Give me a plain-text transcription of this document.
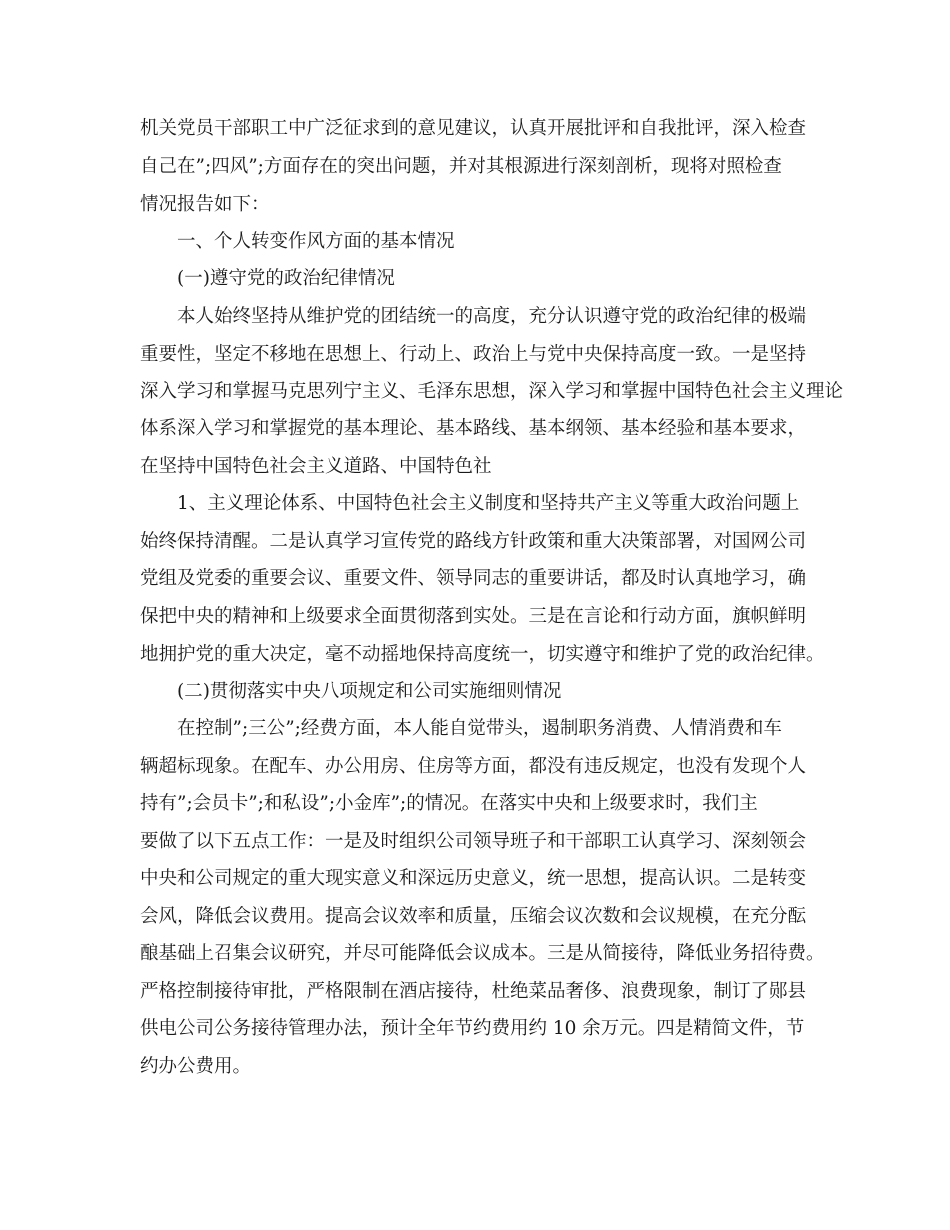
机关党员干部职工中广泛征求到的意见建议，认真开展批评和自我批评，深入检查
自己在”;四风”;方面存在的突出问题，并对其根源进行深刻剖析，现将对照检查
情况报告如下：
一、个人转变作风方面的基本情况
(一)遵守党的政治纪律情况
本人始终坚持从维护党的团结统一的高度，充分认识遵守党的政治纪律的极端
重要性，坚定不移地在思想上、行动上、政治上与党中央保持高度一致。一是坚持
深入学习和掌握马克思列宁主义、毛泽东思想，深入学习和掌握中国特色社会主义理论
体系深入学习和掌握党的基本理论、基本路线、基本纲领、基本经验和基本要求，
在坚持中国特色社会主义道路、中国特色社
1、主义理论体系、中国特色社会主义制度和坚持共产主义等重大政治问题上
始终保持清醒。二是认真学习宣传党的路线方针政策和重大决策部署，对国网公司
党组及党委的重要会议、重要文件、领导同志的重要讲话，都及时认真地学习，确
保把中央的精神和上级要求全面贯彻落到实处。三是在言论和行动方面，旗帜鲜明
地拥护党的重大决定，毫不动摇地保持高度统一，切实遵守和维护了党的政治纪律。
(二)贯彻落实中央八项规定和公司实施细则情况
在控制”;三公”;经费方面，本人能自觉带头，遏制职务消费、人情消费和车
辆超标现象。在配车、办公用房、住房等方面，都没有违反规定，也没有发现个人
持有”;会员卡”;和私设”;小金库”;的情况。在落实中央和上级要求时，我们主
要做了以下五点工作：一是及时组织公司领导班子和干部职工认真学习、深刻领会
中央和公司规定的重大现实意义和深远历史意义，统一思想，提高认识。二是转变
会风，降低会议费用。提高会议效率和质量，压缩会议次数和会议规模，在充分酝
酿基础上召集会议研究，并尽可能降低会议成本。三是从简接待，降低业务招待费。
严格控制接待审批，严格限制在酒店接待，杜绝菜品奢侈、浪费现象，制订了郧县
供电公司公务接待管理办法，预计全年节约费用约 10 余万元。四是精简文件，节
约办公费用。
